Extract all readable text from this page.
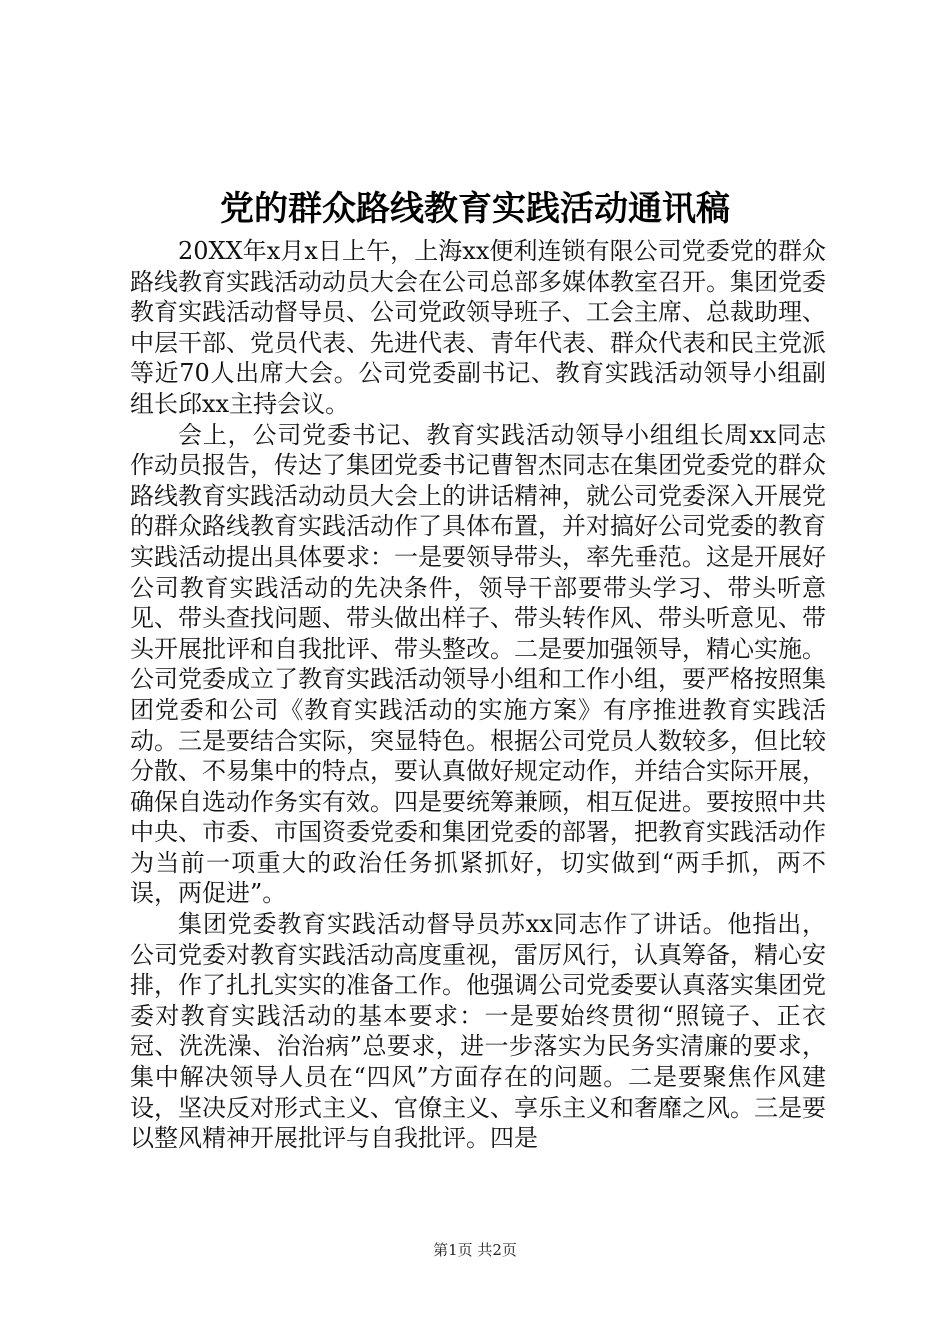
党的群众路线教育实践活动通讯稿

20XX年x月x日上午，上海xx便利连锁有限公司党委党的群众路线教育实践活动动员大会在公司总部多媒体教室召开。集团党委教育实践活动督导员、公司党政领导班子、工会主席、总裁助理、中层干部、党员代表、先进代表、青年代表、群众代表和民主党派等近70人出席大会。公司党委副书记、教育实践活动领导小组副组长邱xx主持会议。

会上，公司党委书记、教育实践活动领导小组组长周xx同志作动员报告，传达了集团党委书记曹智杰同志在集团党委党的群众路线教育实践活动动员大会上的讲话精神，就公司党委深入开展党的群众路线教育实践活动作了具体布置，并对搞好公司党委的教育实践活动提出具体要求：一是要领导带头，率先垂范。这是开展好公司教育实践活动的先决条件，领导干部要带头学习、带头听意见、带头查找问题、带头做出样子、带头转作风、带头听意见、带头开展批评和自我批评、带头整改。二是要加强领导，精心实施。公司党委成立了教育实践活动领导小组和工作小组，要严格按照集团党委和公司《教育实践活动的实施方案》有序推进教育实践活动。三是要结合实际，突显特色。根据公司党员人数较多，但比较分散、不易集中的特点，要认真做好规定动作，并结合实际开展，确保自选动作务实有效。四是要统筹兼顾，相互促进。要按照中共中央、市委、市国资委党委和集团党委的部署，把教育实践活动作为当前一项重大的政治任务抓紧抓好，切实做到“两手抓，两不误，两促进”。

集团党委教育实践活动督导员苏xx同志作了讲话。他指出，公司党委对教育实践活动高度重视，雷厉风行，认真筹备，精心安排，作了扎扎实实的准备工作。他强调公司党委要认真落实集团党委对教育实践活动的基本要求：一是要始终贯彻“照镜子、正衣冠、洗洗澡、治治病”总要求，进一步落实为民务实清廉的要求，集中解决领导人员在“四风”方面存在的问题。二是要聚焦作风建设，坚决反对形式主义、官僚主义、享乐主义和奢靡之风。三是要以整风精神开展批评与自我批评。四是

第1页 共2页
